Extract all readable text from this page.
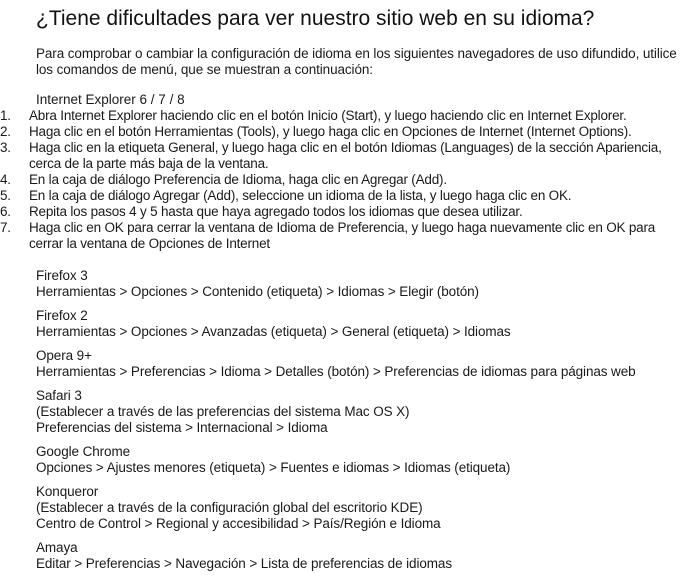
¿Tiene dificultades para ver nuestro sitio web en su idioma?

Para comprobar o cambiar la configuración de idioma en los siguientes navegadores de uso difundido, utilice los comandos de menú, que se muestran a continuación:

Internet Explorer 6 / 7 / 8
1. Abra Internet Explorer haciendo clic en el botón Inicio (Start), y luego haciendo clic en Internet Explorer.
2. Haga clic en el botón Herramientas (Tools), y luego haga clic en Opciones de Internet (Internet Options).
3. Haga clic en la etiqueta General, y luego haga clic en el botón Idiomas (Languages) de la sección Apariencia, cerca de la parte más baja de la ventana.
4. En la caja de diálogo Preferencia de Idioma, haga clic en Agregar (Add).
5. En la caja de diálogo Agregar (Add), seleccione un idioma de la lista, y luego haga clic en OK.
6. Repita los pasos 4 y 5 hasta que haya agregado todos los idiomas que desea utilizar.
7. Haga clic en OK para cerrar la ventana de Idioma de Preferencia, y luego haga nuevamente clic en OK para cerrar la ventana de Opciones de Internet
Firefox 3
Herramientas > Opciones > Contenido (etiqueta) > Idiomas > Elegir (botón)
Firefox 2
Herramientas > Opciones > Avanzadas (etiqueta) > General (etiqueta) > Idiomas
Opera 9+
Herramientas > Preferencias > Idioma > Detalles (botón) > Preferencias de idiomas para páginas web
Safari 3
(Establecer a través de las preferencias del sistema Mac OS X)
Preferencias del sistema > Internacional > Idioma
Google Chrome
Opciones > Ajustes menores (etiqueta) > Fuentes e idiomas > Idiomas (etiqueta)
Konqueror
(Establecer a través de la configuración global del escritorio KDE)
Centro de Control > Regional y accesibilidad > País/Región e Idioma
Amaya
Editar > Preferencias > Navegación > Lista de preferencias de idiomas
